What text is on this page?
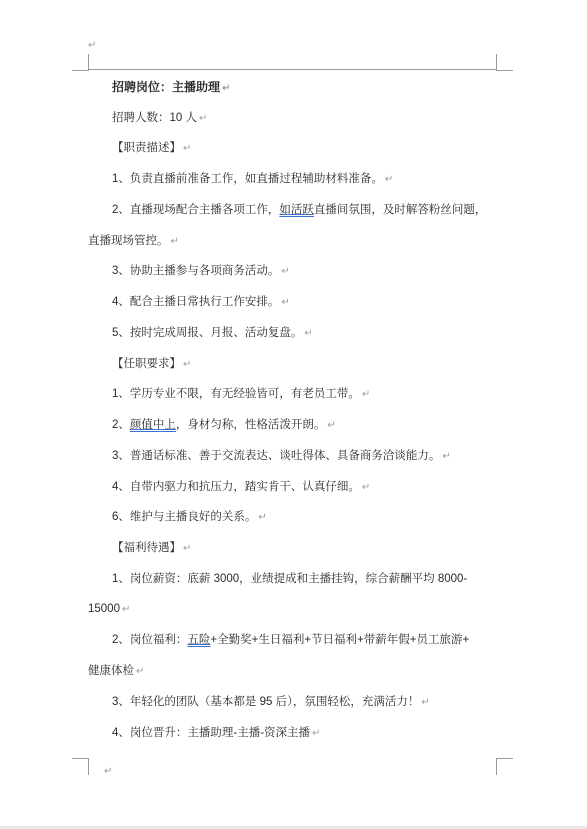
↵
↵
招聘岗位：主播助理 ↵
招聘人数：10 人 ↵
【职责描述】 ↵
1、负责直播前准备工作，如直播过程辅助材料准备。 ↵
2、直播现场配合主播各项工作，如活跃直播间氛围，及时解答粉丝问题，
直播现场管控。 ↵
3、协助主播参与各项商务活动。 ↵
4、配合主播日常执行工作安排。 ↵
5、按时完成周报、月报、活动复盘。 ↵
【任职要求】 ↵
1、学历专业不限，有无经验皆可，有老员工带。 ↵
2、颜值中上，身材匀称，性格活泼开朗。 ↵
3、普通话标准、善于交流表达、谈吐得体、具备商务洽谈能力。 ↵
4、自带内驱力和抗压力，踏实肯干、认真仔细。 ↵
6、维护与主播良好的关系。 ↵
【福利待遇】 ↵
1、岗位薪资：底薪 3000，业绩提成和主播挂钩，综合薪酬平均 8000-
15000 ↵
2、岗位福利：五险+全勤奖+生日福利+节日福利+带薪年假+员工旅游+
健康体检 ↵
3、年轻化的团队（基本都是 95 后），氛围轻松，充满活力！ ↵
4、岗位晋升：主播助理-主播-资深主播 ↵
